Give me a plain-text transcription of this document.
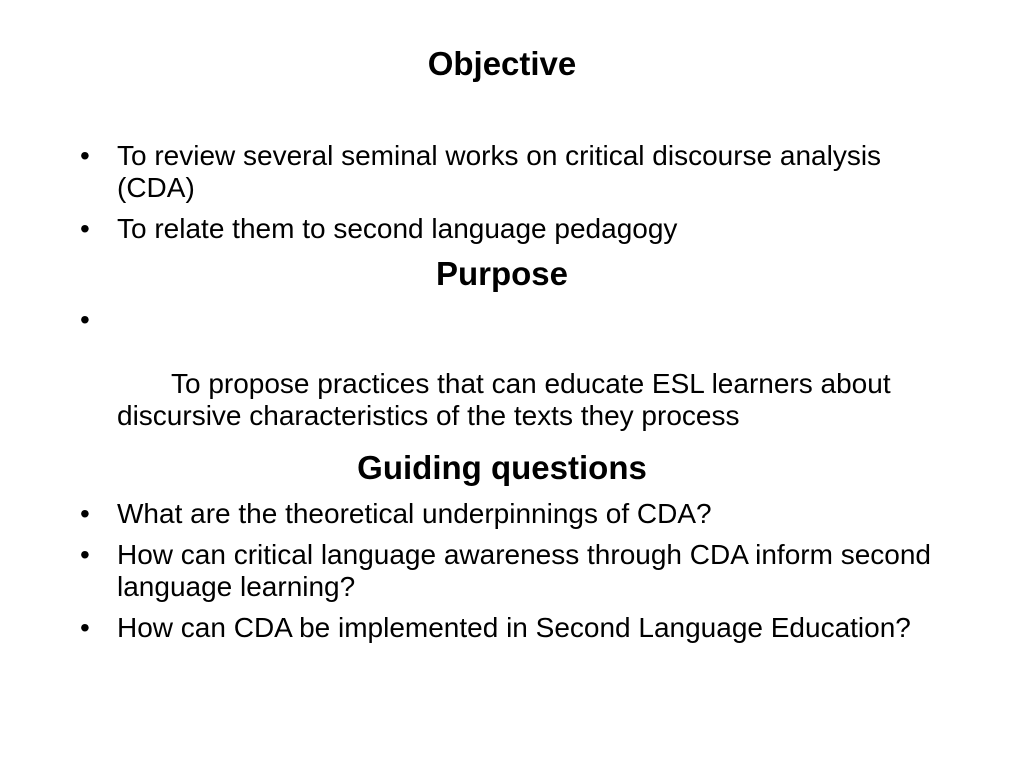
Objective
• To review several seminal works on critical discourse analysis (CDA)
• To relate them to second language pedagogy
Purpose

•

To propose practices that can educate ESL learners about discursive characteristics of the texts they process

Guiding questions
• What are the theoretical underpinnings of CDA?
• How can critical language awareness through CDA inform second language learning?
• How can CDA be implemented in Second Language Education?
